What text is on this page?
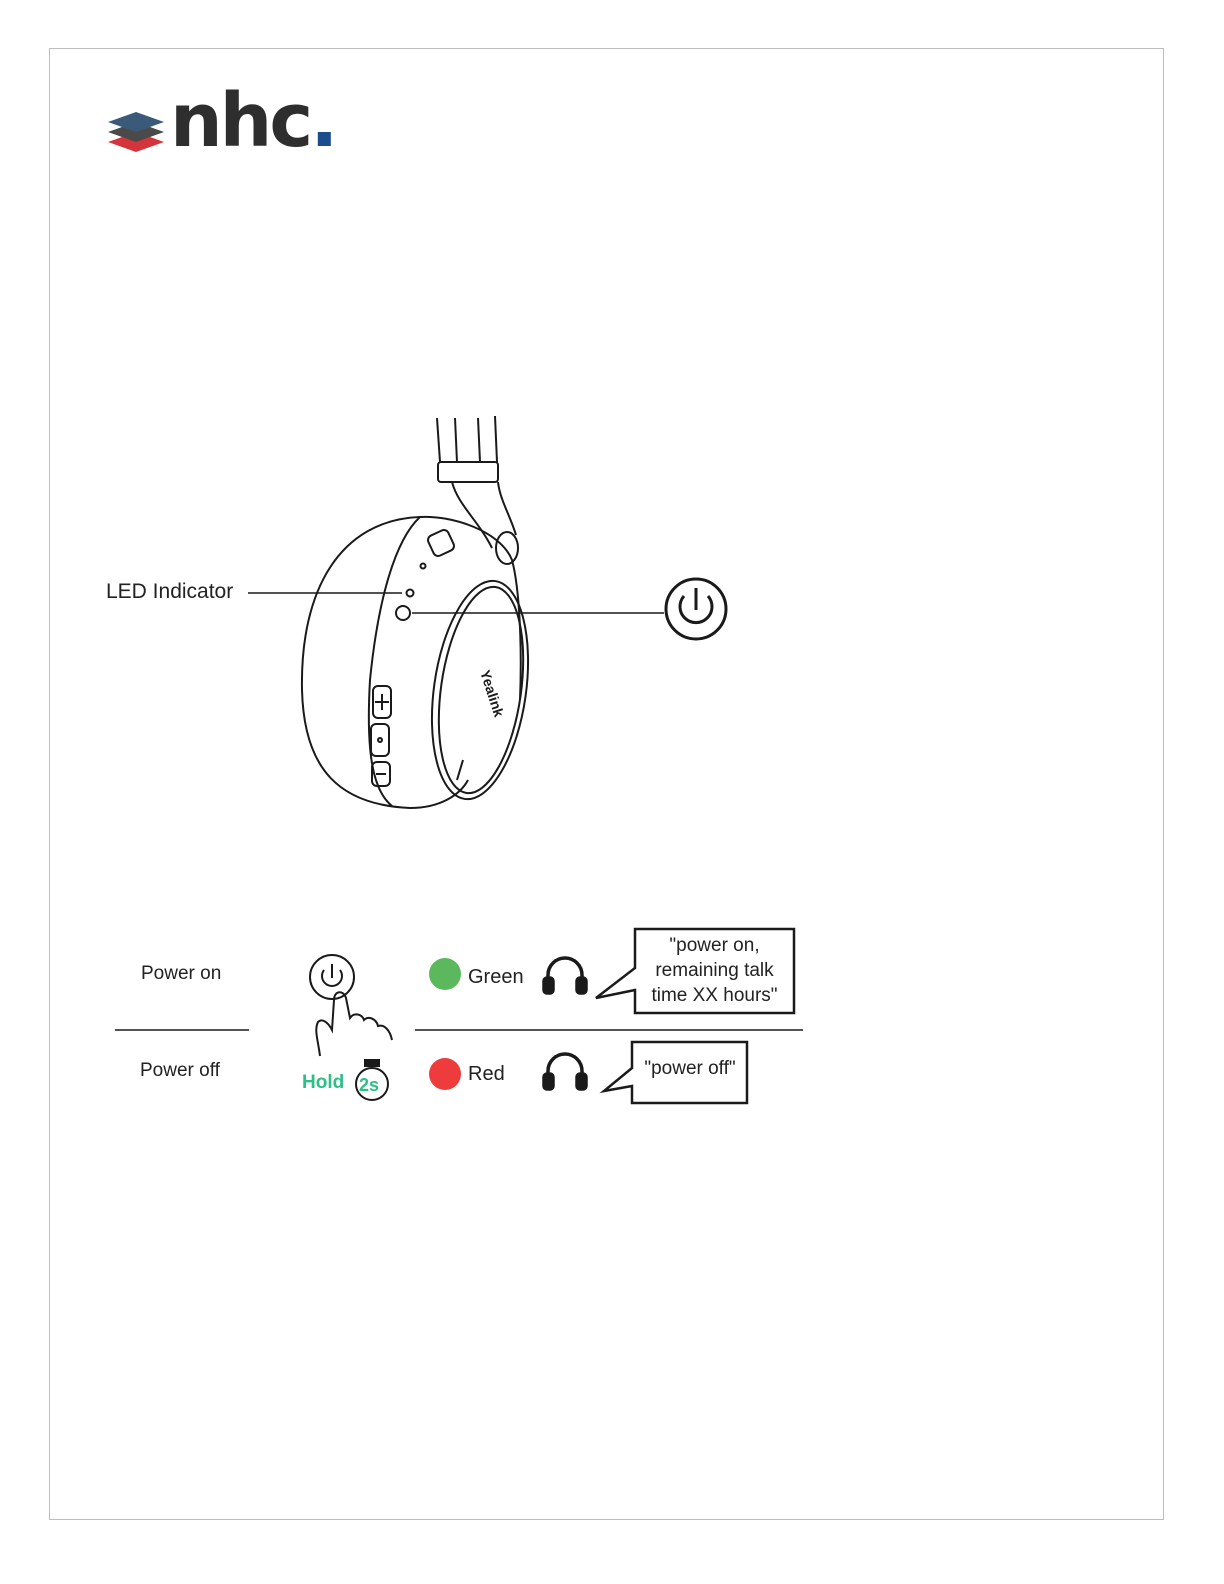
nhc.
Yealink
2s
LED Indicator
Power on
Power off
Hold
Green
Red
"power on,
remaining talk
time XX hours"
"power off"
